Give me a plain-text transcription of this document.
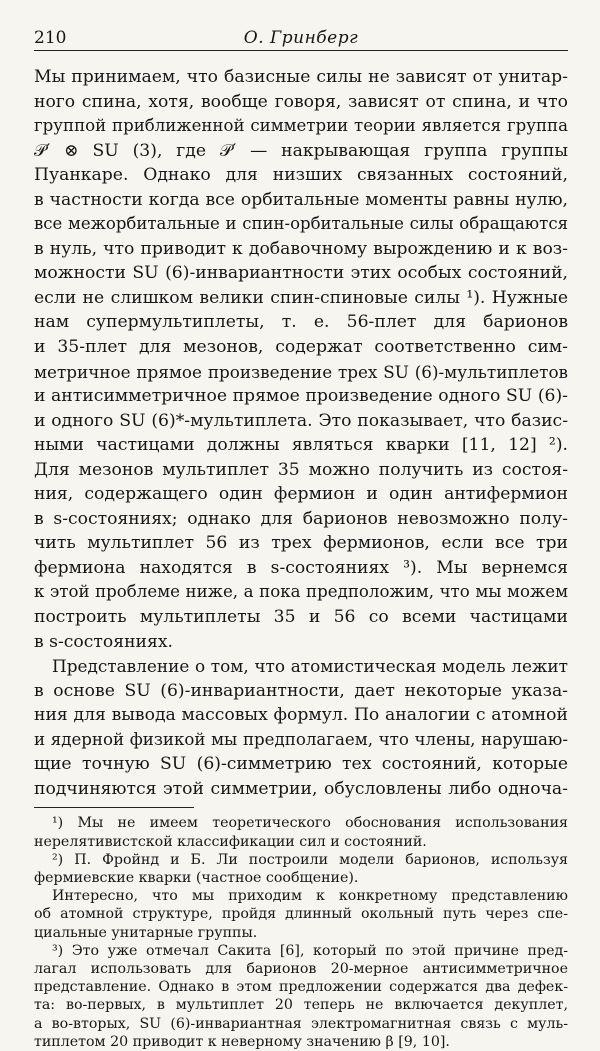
210	О. Гринберг
Мы принимаем, что базисные силы не зависят от унитар-
ного спина, хотя, вообще говоря, зависят от спина, и что
группой приближенной симметрии теории является группа
𝒫′ ⊗ SU (3), где 𝒫′ — накрывающая группа группы
Пуанкаре. Однако для низших связанных состояний,
в частности когда все орбитальные моменты равны нулю,
все межорбитальные и спин-орбитальные силы обращаются
в нуль, что приводит к добавочному вырождению и к воз-
можности SU (6)-инвариантности этих особых состояний,
если не слишком велики спин-спиновые силы ¹). Нужные
нам супермультиплеты, т. е. 56-плет для барионов
и 35-плет для мезонов, содержат соответственно сим-
метричное прямое произведение трех SU (6)-мультиплетов
и антисимметричное прямое произведение одного SU (6)-
и одного SU (6)*-мультиплета. Это показывает, что базис-
ными частицами должны являться кварки [11, 12] ²).
Для мезонов мультиплет 35 можно получить из состоя-
ния, содержащего один фермион и один антифермион
в s-состояниях; однако для барионов невозможно полу-
чить мультиплет 56 из трех фермионов, если все три
фермиона находятся в s-состояниях ³). Мы вернемся
к этой проблеме ниже, а пока предположим, что мы можем
построить мультиплеты 35 и 56 со всеми частицами
в s-состояниях.
Представление о том, что атомистическая модель лежит
в основе SU (6)-инвариантности, дает некоторые указа-
ния для вывода массовых формул. По аналогии с атомной
и ядерной физикой мы предполагаем, что члены, нарушаю-
щие точную SU (6)-симметрию тех состояний, которые
подчиняются этой симметрии, обусловлены либо одноча-
¹) Мы не имеем теоретического обоснования использования
нерелятивистской классификации сил и состояний.
²) П. Фройнд и Б. Ли построили модели барионов, используя
фермиевские кварки (частное сообщение).
Интересно, что мы приходим к конкретному представлению
об атомной структуре, пройдя длинный окольный путь через спе-
циальные унитарные группы.
³) Это уже отмечал Сакита [6], который по этой причине пред-
лагал использовать для барионов 20-мерное антисимметричное
представление. Однако в этом предложении содержатся два дефек-
та: во-первых, в мультиплет 20 теперь не включается декуплет,
а во-вторых, SU (6)-инвариантная электромагнитная связь с муль-
типлетом 20 приводит к неверному значению β [9, 10].
